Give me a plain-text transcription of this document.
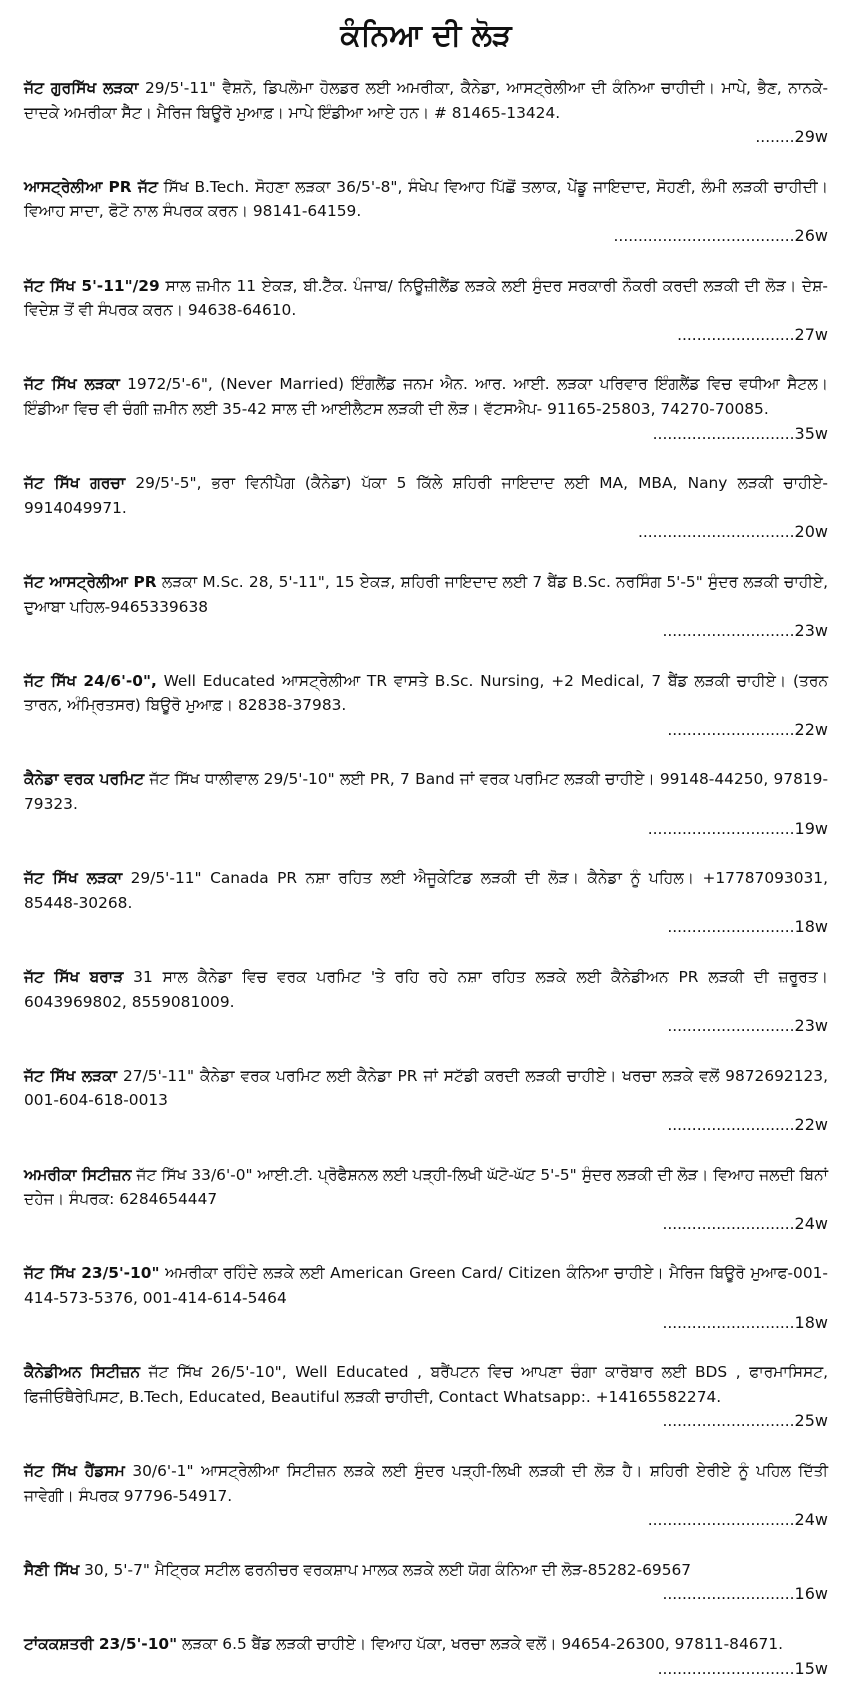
ਕੰਨਿਆ ਦੀ ਲੋੜ
ਜੱਟ ਗੁਰਸਿੱਖ ਲੜਕਾ 29/5'-11" ਵੈਸ਼ਨੋ, ਡਿਪਲੋਮਾ ਹੋਲਡਰ ਲਈ ਅਮਰੀਕਾ, ਕੈਨੇਡਾ, ਆਸਟ੍ਰੇਲੀਆ ਦੀ ਕੰਨਿਆ ਚਾਹੀਦੀ। ਮਾਪੇ, ਭੈਣ, ਨਾਨਕੇ-ਦਾਦਕੇ ਅਮਰੀਕਾ ਸੈੱਟ। ਮੈਰਿਜ ਬਿਊਰੋ ਮੁਆਫ਼। ਮਾਪੇ ਇੰਡੀਆ ਆਏ ਹਨ। # 81465-13424.
........29w
ਆਸਟ੍ਰੇਲੀਆ PR ਜੱਟ ਸਿੱਖ B.Tech. ਸੋਹਣਾ ਲੜਕਾ 36/5'-8", ਸੰਖੇਪ ਵਿਆਹ ਪਿੱਛੋਂ ਤਲਾਕ, ਪੇਂਡੂ ਜਾਇਦਾਦ, ਸੋਹਣੀ, ਲੰਮੀ ਲੜਕੀ ਚਾਹੀਦੀ। ਵਿਆਹ ਸਾਦਾ, ਫੋਟੋ ਨਾਲ ਸੰਪਰਕ ਕਰਨ। 98141-64159.
.....................................26w
ਜੱਟ ਸਿੱਖ 5'-11"/29 ਸਾਲ ਜ਼ਮੀਨ 11 ਏਕੜ, ਬੀ.ਟੈੱਕ. ਪੰਜਾਬ/ ਨਿਊਜ਼ੀਲੈਂਡ ਲੜਕੇ ਲਈ ਸੁੰਦਰ ਸਰਕਾਰੀ ਨੌਕਰੀ ਕਰਦੀ ਲੜਕੀ ਦੀ ਲੋੜ। ਦੇਸ਼-ਵਿਦੇਸ਼ ਤੋਂ ਵੀ ਸੰਪਰਕ ਕਰਨ। 94638-64610.
........................27w
ਜੱਟ ਸਿੱਖ ਲੜਕਾ 1972/5'-6", (Never Married) ਇੰਗਲੈਂਡ ਜਨਮ ਐਨ. ਆਰ. ਆਈ. ਲੜਕਾ ਪਰਿਵਾਰ ਇੰਗਲੈਂਡ ਵਿਚ ਵਧੀਆ ਸੈਟਲ। ਇੰਡੀਆ ਵਿਚ ਵੀ ਚੰਗੀ ਜ਼ਮੀਨ ਲਈ 35-42 ਸਾਲ ਦੀ ਆਈਲੈਟਸ ਲੜਕੀ ਦੀ ਲੋੜ। ਵੱਟਸਐਪ- 91165-25803, 74270-70085.
.............................35w
ਜੱਟ ਸਿੱਖ ਗਰਚਾ 29/5'-5", ਭਰਾ ਵਿਨੀਪੈਗ (ਕੈਨੇਡਾ) ਪੱਕਾ 5 ਕਿੱਲੇ ਸ਼ਹਿਰੀ ਜਾਇਦਾਦ ਲਈ MA, MBA, Nany ਲੜਕੀ ਚਾਹੀਏ- 9914049971.
................................20w
ਜੱਟ ਆਸਟ੍ਰੇਲੀਆ PR ਲੜਕਾ M.Sc. 28, 5'-11", 15 ਏਕੜ, ਸ਼ਹਿਰੀ ਜਾਇਦਾਦ ਲਈ 7 ਬੈਂਡ B.Sc. ਨਰਸਿੰਗ 5'-5" ਸੁੰਦਰ ਲੜਕੀ ਚਾਹੀਏ, ਦੁਆਬਾ ਪਹਿਲ-9465339638
...........................23w
ਜੱਟ ਸਿੱਖ 24/6'-0", Well Educated ਆਸਟ੍ਰੇਲੀਆ TR ਵਾਸਤੇ B.Sc. Nursing, +2 Medical, 7 ਬੈਂਡ ਲੜਕੀ ਚਾਹੀਏ। (ਤਰਨ ਤਾਰਨ, ਅੰਮ੍ਰਿਤਸਰ) ਬਿਊਰੋ ਮੁਆਫ਼। 82838-37983.
..........................22w
ਕੈਨੇਡਾ ਵਰਕ ਪਰਮਿਟ ਜੱਟ ਸਿੱਖ ਧਾਲੀਵਾਲ 29/5'-10" ਲਈ PR, 7 Band ਜਾਂ ਵਰਕ ਪਰਮਿਟ ਲੜਕੀ ਚਾਹੀਏ। 99148-44250, 97819-79323.
..............................19w
ਜੱਟ ਸਿੱਖ ਲੜਕਾ 29/5'-11" Canada PR ਨਸ਼ਾ ਰਹਿਤ ਲਈ ਐਜੂਕੇਟਿਡ ਲੜਕੀ ਦੀ ਲੋੜ। ਕੈਨੇਡਾ ਨੂੰ ਪਹਿਲ। +17787093031, 85448-30268.
..........................18w
ਜੱਟ ਸਿੱਖ ਬਰਾੜ 31 ਸਾਲ ਕੈਨੇਡਾ ਵਿਚ ਵਰਕ ਪਰਮਿਟ 'ਤੇ ਰਹਿ ਰਹੇ ਨਸ਼ਾ ਰਹਿਤ ਲੜਕੇ ਲਈ ਕੈਨੇਡੀਅਨ PR ਲੜਕੀ ਦੀ ਜ਼ਰੂਰਤ। 6043969802, 8559081009.
..........................23w
ਜੱਟ ਸਿੱਖ ਲੜਕਾ 27/5'-11" ਕੈਨੇਡਾ ਵਰਕ ਪਰਮਿਟ ਲਈ ਕੈਨੇਡਾ PR ਜਾਂ ਸਟੱਡੀ ਕਰਦੀ ਲੜਕੀ ਚਾਹੀਏ। ਖਰਚਾ ਲੜਕੇ ਵਲੋਂ 9872692123, 001-604-618-0013
..........................22w
ਅਮਰੀਕਾ ਸਿਟੀਜ਼ਨ ਜੱਟ ਸਿੱਖ 33/6'-0" ਆਈ.ਟੀ. ਪ੍ਰੋਫੈਸ਼ਨਲ ਲਈ ਪੜ੍ਹੀ-ਲਿਖੀ ਘੱਟੋ-ਘੱਟ 5'-5" ਸੁੰਦਰ ਲੜਕੀ ਦੀ ਲੋੜ। ਵਿਆਹ ਜਲਦੀ ਬਿਨਾਂ ਦਹੇਜ। ਸੰਪਰਕ: 6284654447
...........................24w
ਜੱਟ ਸਿੱਖ 23/5'-10" ਅਮਰੀਕਾ ਰਹਿੰਦੇ ਲੜਕੇ ਲਈ American Green Card/ Citizen ਕੰਨਿਆ ਚਾਹੀਏ। ਮੈਰਿਜ ਬਿਊਰੋ ਮੁਆਫ-001-414-573-5376, 001-414-614-5464
...........................18w
ਕੈਨੇਡੀਅਨ ਸਿਟੀਜ਼ਨ ਜੱਟ ਸਿੱਖ 26/5'-10", Well Educated , ਬਰੈਂਪਟਨ ਵਿਚ ਆਪਣਾ ਚੰਗਾ ਕਾਰੋਬਾਰ ਲਈ BDS , ਫਾਰਮਾਸਿਸਟ, ਫਿਜੀਓਥੈਰੇਪਿਸਟ, B.Tech, Educated, Beautiful ਲੜਕੀ ਚਾਹੀਦੀ, Contact Whatsapp:. +14165582274.
...........................25w
ਜੱਟ ਸਿੱਖ ਹੈਂਡਸਮ 30/6'-1" ਆਸਟ੍ਰੇਲੀਆ ਸਿਟੀਜ਼ਨ ਲੜਕੇ ਲਈ ਸੁੰਦਰ ਪੜ੍ਹੀ-ਲਿਖੀ ਲੜਕੀ ਦੀ ਲੋੜ ਹੈ। ਸ਼ਹਿਰੀ ਏਰੀਏ ਨੂੰ ਪਹਿਲ ਦਿੱਤੀ ਜਾਵੇਗੀ। ਸੰਪਰਕ 97796-54917.
..............................24w
ਸੈਣੀ ਸਿੱਖ 30, 5'-7" ਮੈਟ੍ਰਿਕ ਸਟੀਲ ਫਰਨੀਚਰ ਵਰਕਸ਼ਾਪ ਮਾਲਕ ਲੜਕੇ ਲਈ ਯੋਗ ਕੰਨਿਆ ਦੀ ਲੋੜ-85282-69567
...........................16w
ਟਾਂਕਕਸ਼ਤਰੀ 23/5'-10" ਲੜਕਾ 6.5 ਬੈਂਡ ਲੜਕੀ ਚਾਹੀਏ। ਵਿਆਹ ਪੱਕਾ, ਖਰਚਾ ਲੜਕੇ ਵਲੋਂ। 94654-26300, 97811-84671.
............................15w
